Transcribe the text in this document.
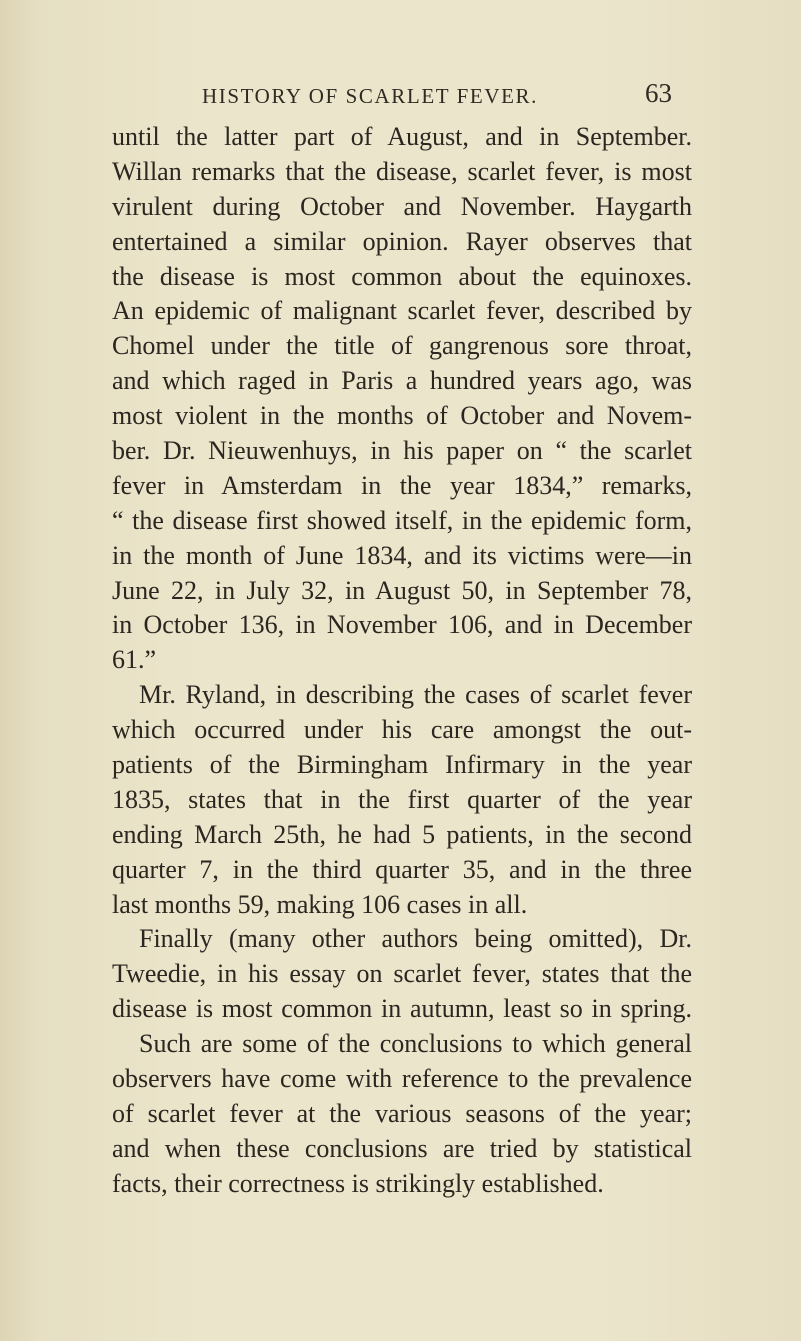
HISTORY OF SCARLET FEVER.	63
until the latter part of August, and in September.
Willan remarks that the disease, scarlet fever, is most
virulent during October and November. Haygarth
entertained a similar opinion. Rayer observes that
the disease is most common about the equinoxes.
An epidemic of malignant scarlet fever, described by
Chomel under the title of gangrenous sore throat,
and which raged in Paris a hundred years ago, was
most violent in the months of October and Novem-
ber. Dr. Nieuwenhuys, in his paper on “ the scarlet
fever in Amsterdam in the year 1834,” remarks,
“ the disease first showed itself, in the epidemic form,
in the month of June 1834, and its victims were—in
June 22, in July 32, in August 50, in September 78,
in October 136, in November 106, and in December
61.”
Mr. Ryland, in describing the cases of scarlet fever
which occurred under his care amongst the out-
patients of the Birmingham Infirmary in the year
1835, states that in the first quarter of the year
ending March 25th, he had 5 patients, in the second
quarter 7, in the third quarter 35, and in the three
last months 59, making 106 cases in all.
Finally (many other authors being omitted), Dr.
Tweedie, in his essay on scarlet fever, states that the
disease is most common in autumn, least so in spring.
Such are some of the conclusions to which general
observers have come with reference to the prevalence
of scarlet fever at the various seasons of the year;
and when these conclusions are tried by statistical
facts, their correctness is strikingly established.
